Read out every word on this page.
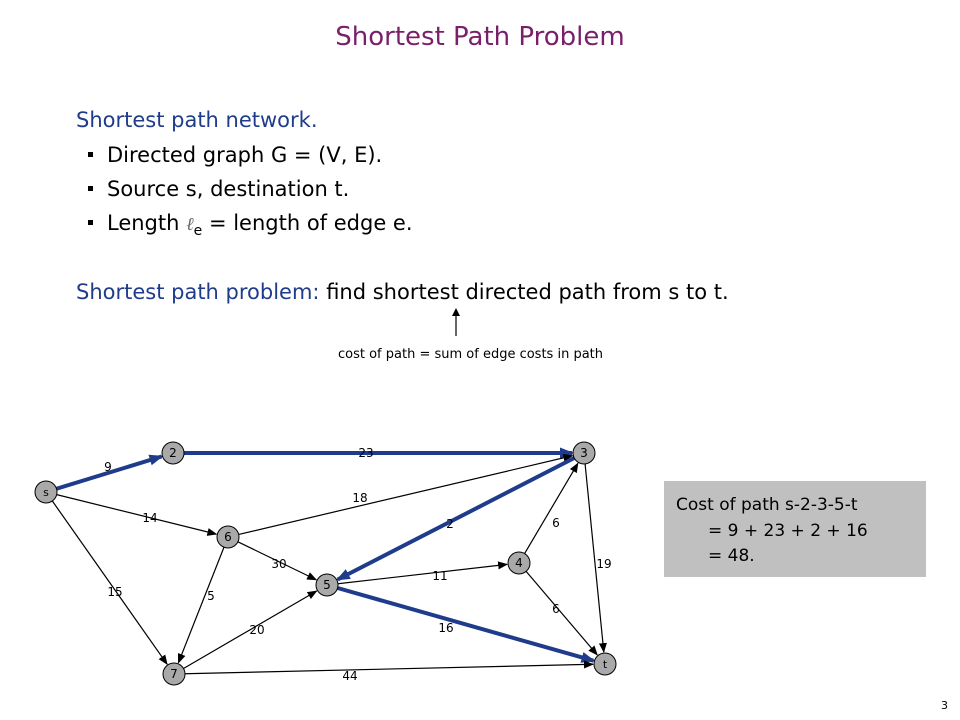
Shortest Path Problem
Shortest path network.
Directed graph G = (V, E).
Source s, destination t.
Length ℓ$_e$ = length of edge e.
Shortest path problem: find shortest directed path from s to t.
cost of path = sum of edge costs in path
9
23
14
15
18
2
30
5
20
11
6
19
6
16
44
s
2	3
6
4
5
7
t
Cost of path s-2-3-5-t
= 9 + 23 + 2 + 16
= 48.
3
